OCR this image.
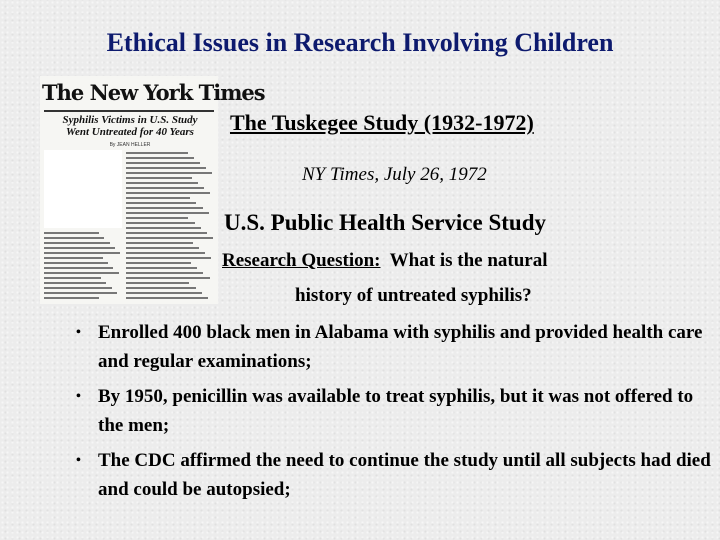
Ethical Issues in Research Involving Children
The New York Times
Syphilis Victims in U.S. Study
Went Untreated for 40 Years
By JEAN HELLER
The Tuskegee Study (1932-1972)
NY Times, July 26, 1972
U.S. Public Health Service Study
Research Question: What is the natural
history of untreated syphilis?
• Enrolled 400 black men in Alabama with syphilis and provided health care and regular examinations;
• By 1950, penicillin was available to treat syphilis, but it was not offered to the men;
• The CDC affirmed the need to continue the study until all subjects had died and could be autopsied;
